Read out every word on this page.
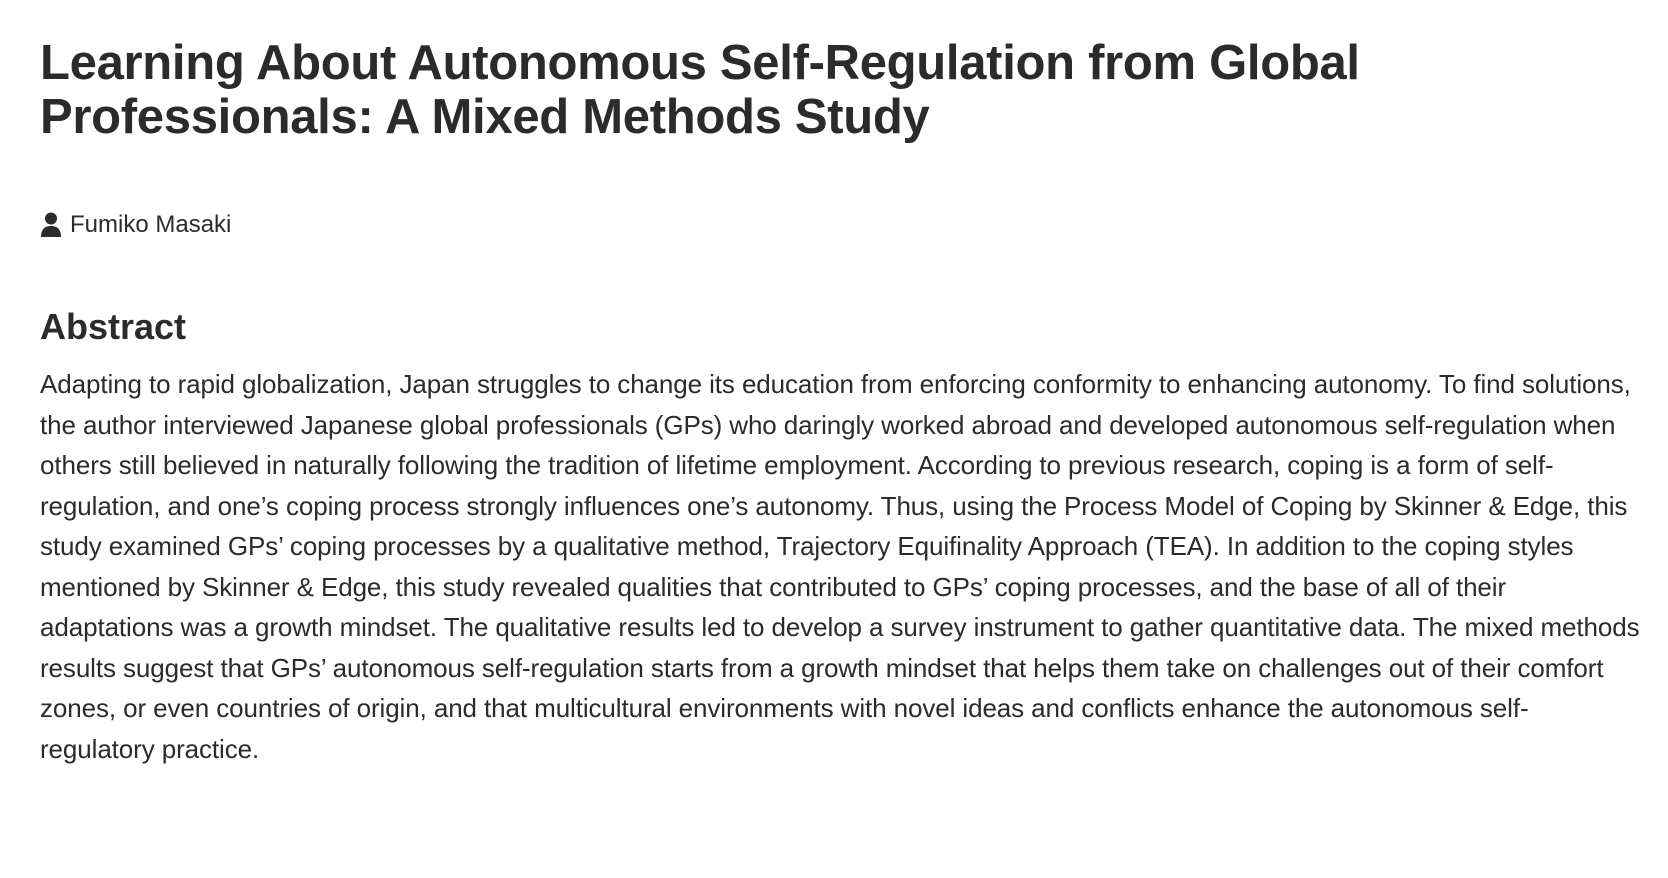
Learning About Autonomous Self-Regulation from Global Professionals: A Mixed Methods Study
Fumiko Masaki
Abstract

Adapting to rapid globalization, Japan struggles to change its education from enforcing conformity to enhancing autonomy. To find solutions, the author interviewed Japanese global professionals (GPs) who daringly worked abroad and developed autonomous self-regulation when others still believed in naturally following the tradition of lifetime employment. According to previous research, coping is a form of self-regulation, and one’s coping process strongly influences one’s autonomy. Thus, using the Process Model of Coping by Skinner & Edge, this study examined GPs’ coping processes by a qualitative method, Trajectory Equifinality Approach (TEA). In addition to the coping styles mentioned by Skinner & Edge, this study revealed qualities that contributed to GPs’ coping processes, and the base of all of their adaptations was a growth mindset. The qualitative results led to develop a survey instrument to gather quantitative data. The mixed methods results suggest that GPs’ autonomous self-regulation starts from a growth mindset that helps them take on challenges out of their comfort zones, or even countries of origin, and that multicultural environments with novel ideas and conflicts enhance the autonomous self-regulatory practice.
